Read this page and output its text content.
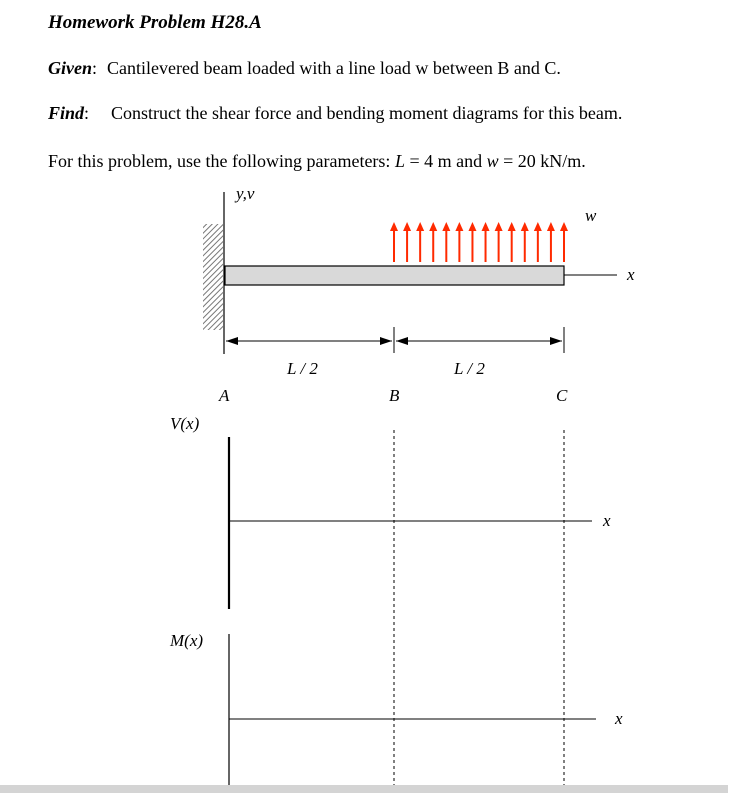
Homework Problem H28.A
Given: Cantilevered beam loaded with a line load w between B and C.
Find: Construct the shear force and bending moment diagrams for this beam.
For this problem, use the following parameters: L = 4 m and w = 20 kN/m.
y,v
x
w
L / 2	L / 2
A	B	C
V(x)
x
M(x)
x
